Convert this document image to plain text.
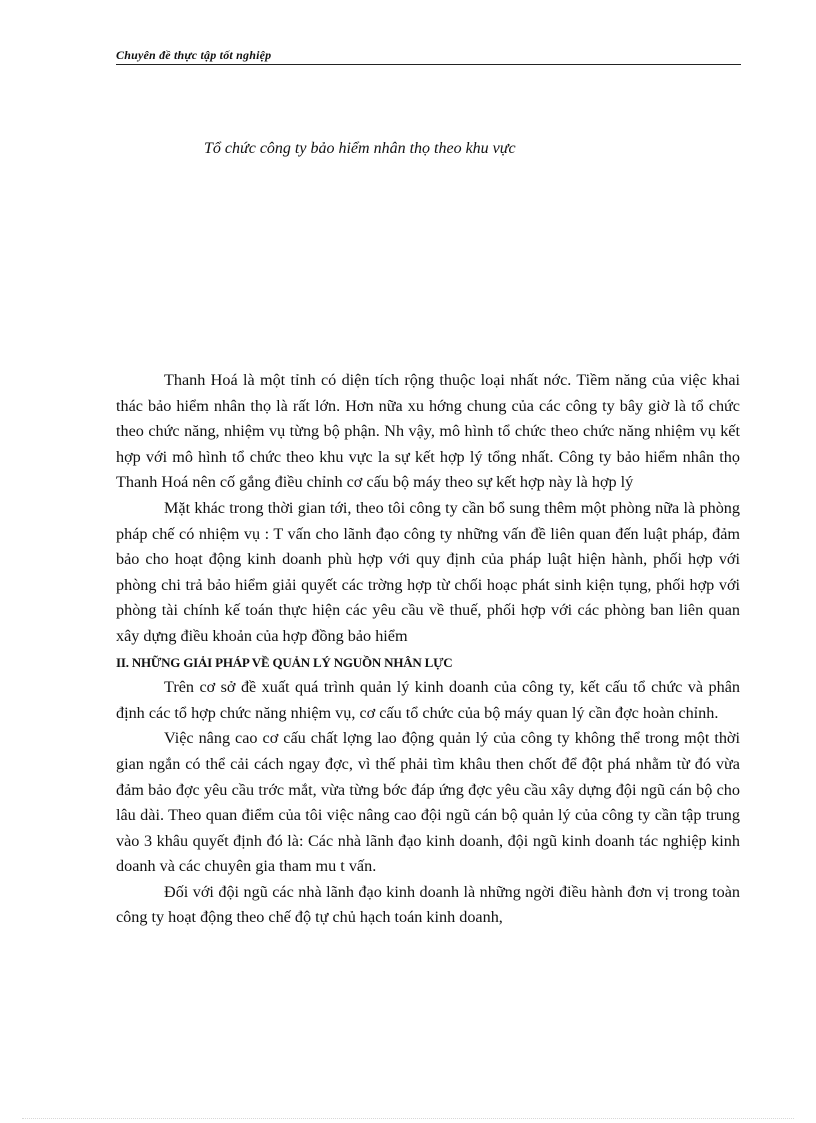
Chuyên đề thực tập tốt nghiệp
Tổ chức công ty bảo hiểm nhân thọ theo khu vực

Thanh Hoá là một tỉnh có diện tích rộng thuộc loại nhất nớc. Tiềm năng của việc khai thác bảo hiểm nhân thọ là rất lớn. Hơn nữa xu hớng chung của các công ty bây giờ là tổ chức theo chức năng, nhiệm vụ từng bộ phận. Nh vậy, mô hình tổ chức theo chức năng nhiệm vụ kết hợp với mô hình tổ chức theo khu vực la sự kết hợp lý tổng nhất. Công ty bảo hiểm nhân thọ Thanh Hoá nên cố gắng điều chỉnh cơ cấu bộ máy theo sự kết hợp này là hợp lý

Mặt khác trong thời gian tới, theo tôi công ty cần bổ sung thêm một phòng nữa là phòng pháp chế có nhiệm vụ : T vấn cho lãnh đạo công ty những vấn đề liên quan đến luật pháp, đảm bảo cho hoạt động kinh doanh phù hợp với quy định của pháp luật hiện hành, phối hợp với phòng chi trả bảo hiểm giải quyết các trờng hợp từ chối hoạc phát sinh kiện tụng, phối hợp với phòng tài chính kế toán thực hiện các yêu cầu về thuế, phối hợp với các phòng ban liên quan xây dựng điều khoản của hợp đồng bảo hiểm

II. NHỮNG GIẢI PHÁP VỀ QUẢN LÝ NGUỒN NHÂN LỰC

Trên cơ sở đề xuất quá trình quản lý kinh doanh của công ty, kết cấu tổ chức và phân định các tổ hợp chức năng nhiệm vụ, cơ cấu tổ chức của bộ máy quan lý cần đợc hoàn chỉnh.

Việc nâng cao cơ cấu chất lợng lao động quản lý của công ty không thể trong một thời gian ngắn có thể cải cách ngay đợc, vì thế phải tìm khâu then chốt để đột phá nhằm từ đó vừa đảm bảo đợc yêu cầu trớc mắt, vừa từng bớc đáp ứng đợc yêu cầu xây dựng đội ngũ cán bộ cho lâu dài. Theo quan điểm của tôi việc nâng cao đội ngũ cán bộ quản lý của công ty cần tập trung vào 3 khâu quyết định đó là: Các nhà lãnh đạo kinh doanh, đội ngũ kinh doanh tác nghiệp kinh doanh và các chuyên gia tham mu t vấn.

Đối với đội ngũ các nhà lãnh đạo kinh doanh là những ngời điều hành đơn vị trong toàn công ty hoạt động theo chế độ tự chủ hạch toán kinh doanh,
